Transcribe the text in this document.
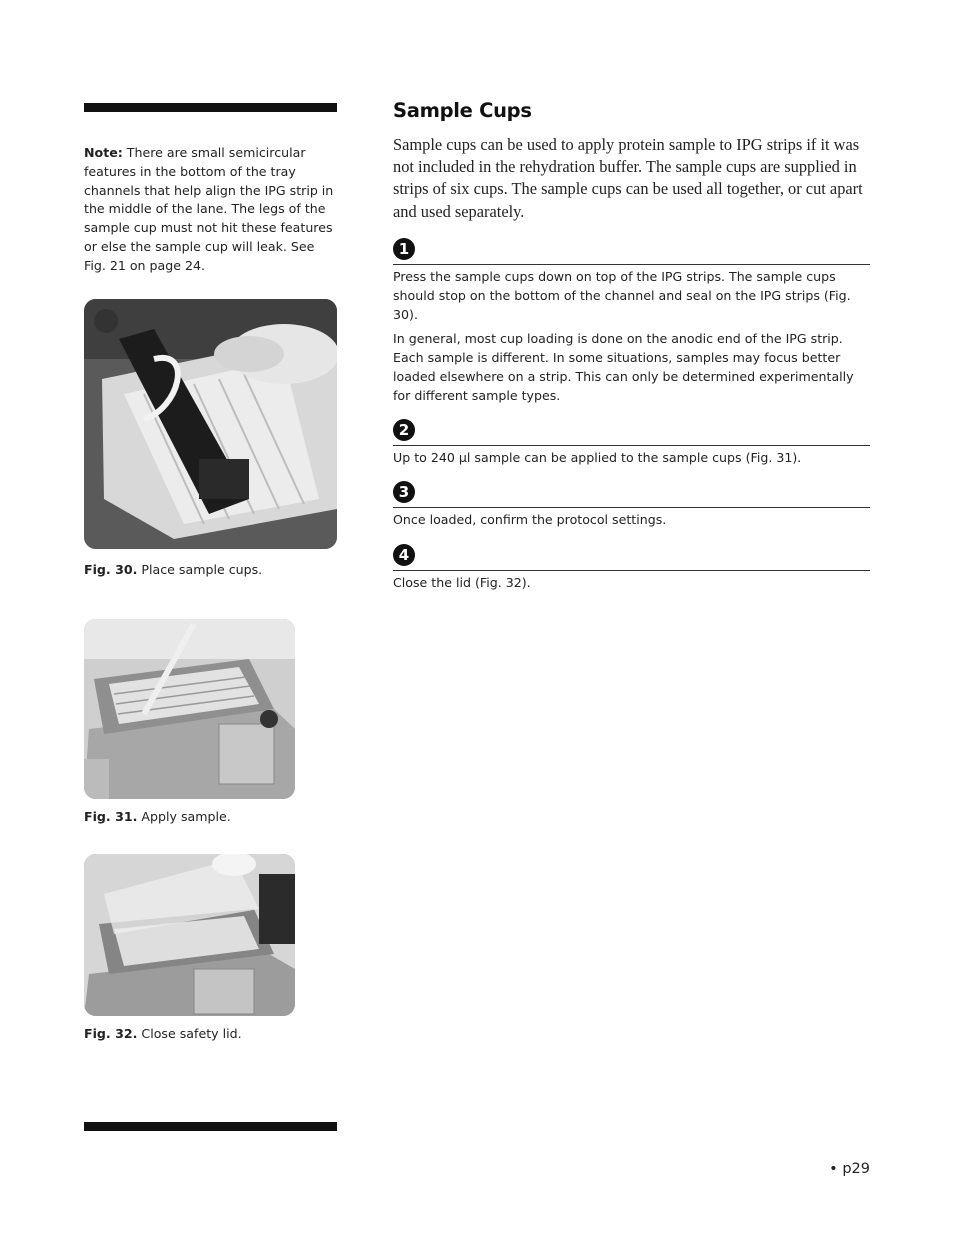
Note: There are small semicircular features in the bottom of the tray channels that help align the IPG strip in the middle of the lane. The legs of the sample cup must not hit these features or else the sample cup will leak. See Fig. 21 on page 24.
Fig. 30. Place sample cups.
Fig. 31. Apply sample.
Fig. 32. Close safety lid.
Sample Cups
Sample cups can be used to apply protein sample to IPG strips if it was not included in the rehydration buffer. The sample cups are supplied in strips of six cups. The sample cups can be used all together, or cut apart and used separately.
1

Press the sample cups down on top of the IPG strips. The sample cups should stop on the bottom of the channel and seal on the IPG strips (Fig. 30).

In general, most cup loading is done on the anodic end of the IPG strip. Each sample is different. In some situations, samples may focus better loaded elsewhere on a strip. This can only be determined experimentally for different sample types.

2

Up to 240 µl sample can be applied to the sample cups (Fig. 31).

3

Once loaded, confirm the protocol settings.

4

Close the lid (Fig. 32).

• p29
